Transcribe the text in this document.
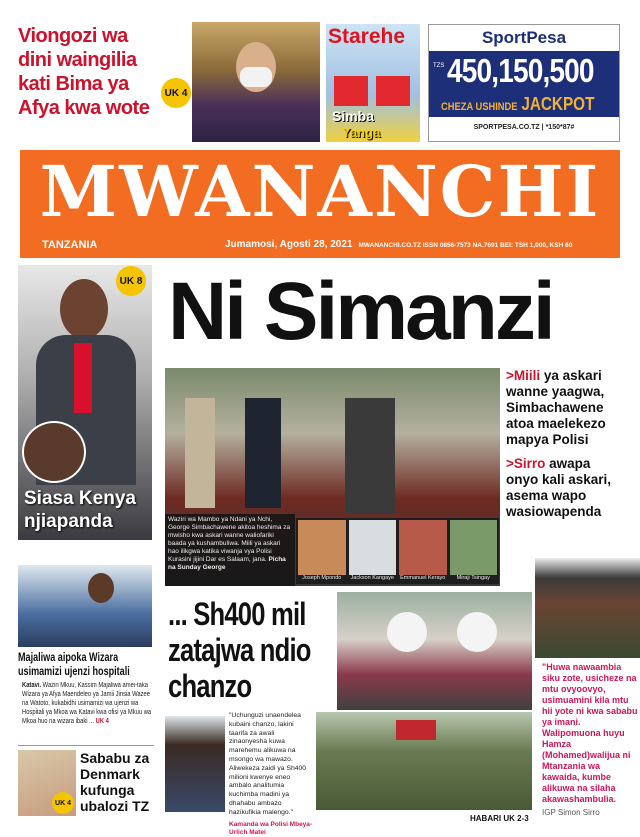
Viongozi wa dini waingilia kati Bima ya Afya kwa wote
UK 4
Starehe
Simba
Yanga
SportPesa
TZS 450,150,500
CHEZA USHINDE JACKPOT
SPORTPESA.CO.TZ | *150*87#
MWANANCHI
TANZANIA	Jumamosi, Agosti 28, 2021 MWANANCHI.CO.TZ ISSN 0856-7573 NA.7691 BEI: TSH 1,000, KSH 60
Siasa Kenya njiapanda
UK 8
Majaliwa aipoka Wizara usimamizi ujenzi hospitali
Katavi. Waziri Mkuu, Kassim Majaliwa amei-taka Wizara ya Afya Maendeleo ya Jamii Jinsia Wazee na Watoto, kukabidhi usimamizi wa ujenzi wa Hospitali ya Mkoa wa Katavi kwa ofisi ya Mkuu wa Mkoa huo na wizara ibaki ... UK 4
UK 4
Sababu za Denmark kufunga ubalozi TZ
Ni Simanzi
Waziri wa Mambo ya Ndani ya Nchi, George Simbachawene akitoa heshima za mwisho kwa askari wanne waliofariki baada ya kushambuliwa. Miili ya askari hao ilikgwa katika viwanja vya Polisi Kurasini jijini Dar es Salaam, jana. Picha na Sunday George
Joseph Mpondo	Jackson Kangaye	Emmanuel Kerayo	Miraji Tsingay
>Miili ya askari wanne yaagwa, Simbachawene atoa maelekezo mapya Polisi
>Sirro awapa onyo kali askari, asema wapo wasiowapenda
... Sh400 mil zatajwa ndio chanzo
"Uchunguzi unaendelea kubaini chanzo, lakini taarifa za awali zinaonyesha kuwa marehemu alikuwa na msongo wa mawazo. Aliwekeza zaidi ya Sh400 milioni kwenye eneo ambalo analitumia kuchimba madini ya dhahabu ambazo hazikufikia malengo."
Kamanda wa Polisi Mbeya- Urlich Matei
HABARI UK 2-3
"Huwa nawaambia siku zote, usicheze na mtu ovyoovyo, usimuamini kila mtu hii yote ni kwa sababu ya imani. Walipomuona huyu Hamza (Mohamed)walijua ni Mtanzania wa kawaida, kumbe alikuwa na silaha akawashambulia.
IGP Simon Sirro
